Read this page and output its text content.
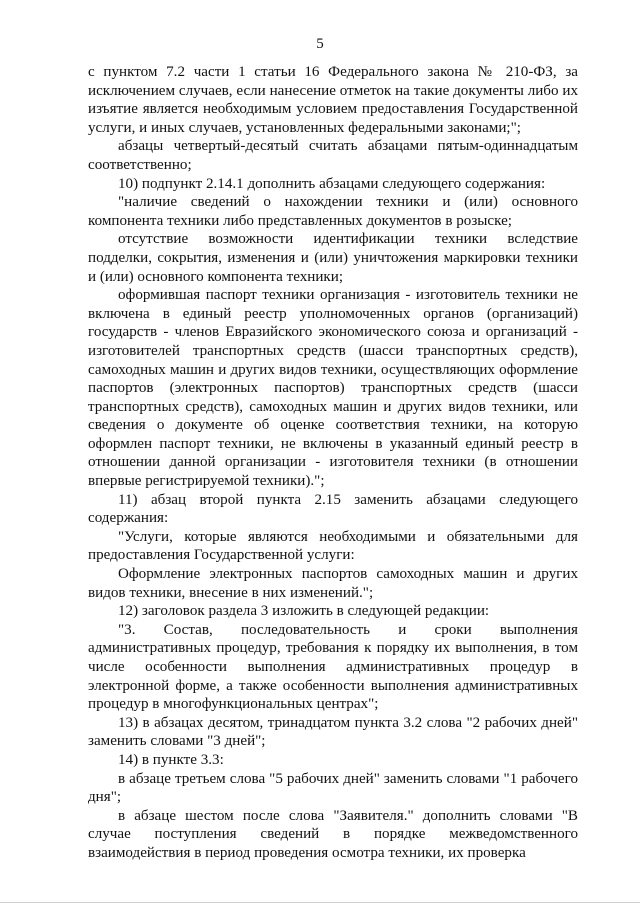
5

с пунктом 7.2 части 1 статьи 16 Федерального закона № 210-ФЗ, за исключением случаев, если нанесение отметок на такие документы либо их изъятие является необходимым условием предоставления Государственной услуги, и иных случаев, установленных федеральными законами;";

абзацы четвертый-десятый считать абзацами пятым-одиннадцатым соответственно;

10) подпункт 2.14.1 дополнить абзацами следующего содержания:

"наличие сведений о нахождении техники и (или) основного компонента техники либо представленных документов в розыске;

отсутствие возможности идентификации техники вследствие подделки, сокрытия, изменения и (или) уничтожения маркировки техники и (или) основного компонента техники;

оформившая паспорт техники организация - изготовитель техники не включена в единый реестр уполномоченных органов (организаций) государств - членов Евразийского экономического союза и организаций - изготовителей транспортных средств (шасси транспортных средств), самоходных машин и других видов техники, осуществляющих оформление паспортов (электронных паспортов) транспортных средств (шасси транспортных средств), самоходных машин и других видов техники, или сведения о документе об оценке соответствия техники, на которую оформлен паспорт техники, не включены в указанный единый реестр в отношении данной организации - изготовителя техники (в отношении впервые регистрируемой техники).";

11) абзац второй пункта 2.15 заменить абзацами следующего содержания:

"Услуги, которые являются необходимыми и обязательными для предоставления Государственной услуги:

Оформление электронных паспортов самоходных машин и других видов техники, внесение в них изменений.";

12) заголовок раздела 3 изложить в следующей редакции:

"3. Состав, последовательность и сроки выполнения административных процедур, требования к порядку их выполнения, в том числе особенности выполнения административных процедур в электронной форме, а также особенности выполнения административных процедур в многофункциональных центрах";

13) в абзацах десятом, тринадцатом пункта 3.2 слова "2 рабочих дней" заменить словами "3 дней";

14) в пункте 3.3:

в абзаце третьем слова "5 рабочих дней" заменить словами "1 рабочего дня";

в абзаце шестом после слова "Заявителя." дополнить словами "В случае поступления сведений в порядке межведомственного взаимодействия в период проведения осмотра техники, их проверка
